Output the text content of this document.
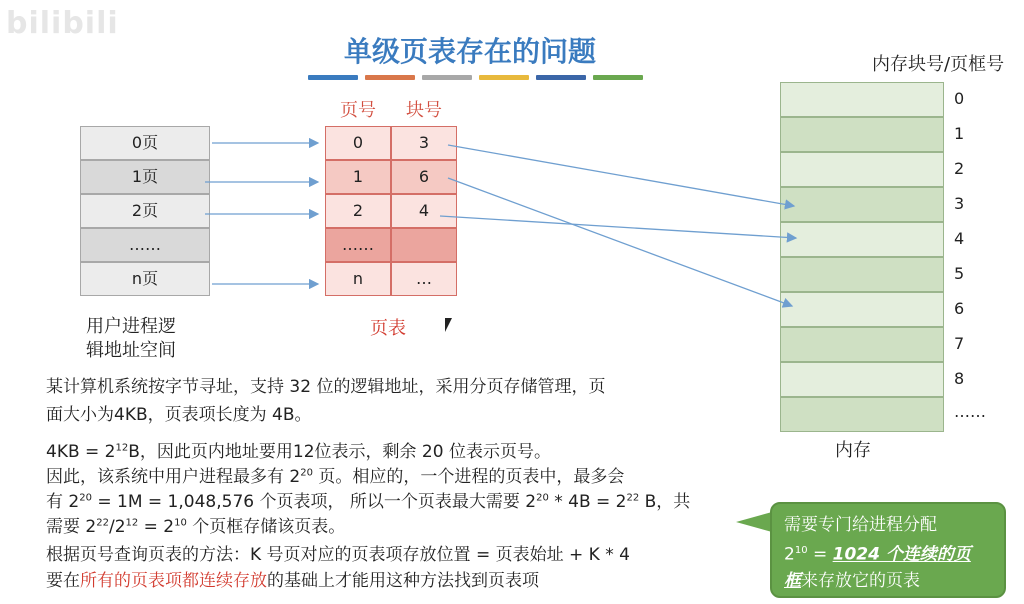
bilibili
单级页表存在的问题
0页
1页
2页
……
n页
用户进程逻
辑地址空间
页号	块号
0	3
1	6
2	4
……
n	…
页表
内存块号/页框号
0
1
2
3
4
5
6
7
8
……
内存
某计算机系统按字节寻址，支持 32 位的逻辑地址，采用分页存储管理，页
面大小为4KB，页表项长度为 4B。
$4KB = 2^{12}B$，因此页内地址要用12位表示，剩余 20 位表示页号。
因此，该系统中用户进程最多有 $2^{20}$ 页。相应的，一个进程的页表中，最多会
有 $2^{20} = 1M = 1,048,576$ 个页表项， 所以一个页表最大需要 $2^{20} * 4B = 2^{22}$ B，共
需要 $2^{22}/2^{12} = 2^{10}$ 个页框存储该页表。
根据页号查询页表的方法：K 号页对应的页表项存放位置 = 页表始址 + K * 4
要在所有的页表项都连续存放的基础上才能用这种方法找到页表项
需要专门给进程分配
$2^{10} = 1024$ 个连续的页
框来存放它的页表
